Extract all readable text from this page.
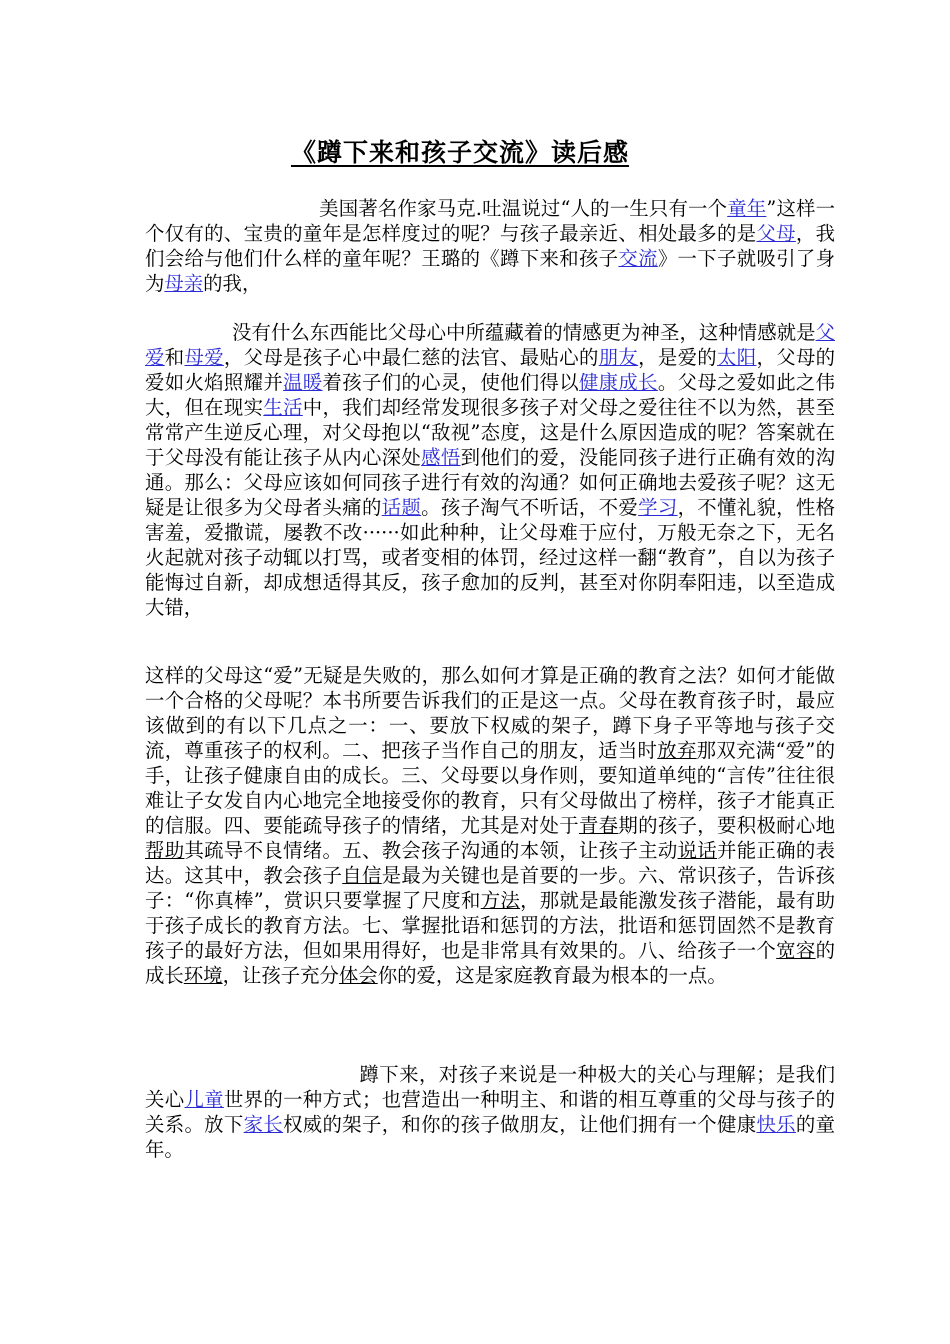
《蹲下来和孩子交流》读后感
美国著名作家马克.吐温说过“人的一生只有一个童年”这样一个仅有的、宝贵的童年是怎样度过的呢？与孩子最亲近、相处最多的是父母，我们会给与他们什么样的童年呢？王璐的《蹲下来和孩子交流》一下子就吸引了身为母亲的我，
没有什么东西能比父母心中所蕴藏着的情感更为神圣，这种情感就是父爱和母爱，父母是孩子心中最仁慈的法官、最贴心的朋友，是爱的太阳，父母的爱如火焰照耀并温暖着孩子们的心灵，使他们得以健康成长。父母之爱如此之伟大，但在现实生活中，我们却经常发现很多孩子对父母之爱往往不以为然，甚至常常产生逆反心理，对父母抱以“敌视”态度，这是什么原因造成的呢？答案就在于父母没有能让孩子从内心深处感悟到他们的爱，没能同孩子进行正确有效的沟通。那么：父母应该如何同孩子进行有效的沟通？如何正确地去爱孩子呢？这无疑是让很多为父母者头痛的话题。孩子淘气不听话，不爱学习，不懂礼貌，性格害羞，爱撒谎，屡教不改······如此种种，让父母难于应付，万般无奈之下，无名火起就对孩子动辄以打骂，或者变相的体罚，经过这样一翻“教育”，自以为孩子能悔过自新，却成想适得其反，孩子愈加的反判，甚至对你阴奉阳违，以至造成大错，
这样的父母这“爱”无疑是失败的，那么如何才算是正确的教育之法？如何才能做一个合格的父母呢？本书所要告诉我们的正是这一点。父母在教育孩子时，最应该做到的有以下几点之一：一、要放下权威的架子，蹲下身子平等地与孩子交流，尊重孩子的权利。二、把孩子当作自己的朋友，适当时放弃那双充满“爱”的手，让孩子健康自由的成长。三、父母要以身作则，要知道单纯的“言传”往往很难让子女发自内心地完全地接受你的教育，只有父母做出了榜样，孩子才能真正的信服。四、要能疏导孩子的情绪，尤其是对处于青春期的孩子，要积极耐心地帮助其疏导不良情绪。五、教会孩子沟通的本领，让孩子主动说话并能正确的表达。这其中，教会孩子自信是最为关键也是首要的一步。六、常识孩子，告诉孩子：“你真棒”，赏识只要掌握了尺度和方法，那就是最能激发孩子潜能，最有助于孩子成长的教育方法。七、掌握批语和惩罚的方法，批语和惩罚固然不是教育孩子的最好方法，但如果用得好，也是非常具有效果的。八、给孩子一个宽容的成长环境，让孩子充分体会你的爱，这是家庭教育最为根本的一点。
蹲下来，对孩子来说是一种极大的关心与理解；是我们关心儿童世界的一种方式；也营造出一种明主、和谐的相互尊重的父母与孩子的关系。放下家长权威的架子，和你的孩子做朋友，让他们拥有一个健康快乐的童年。
